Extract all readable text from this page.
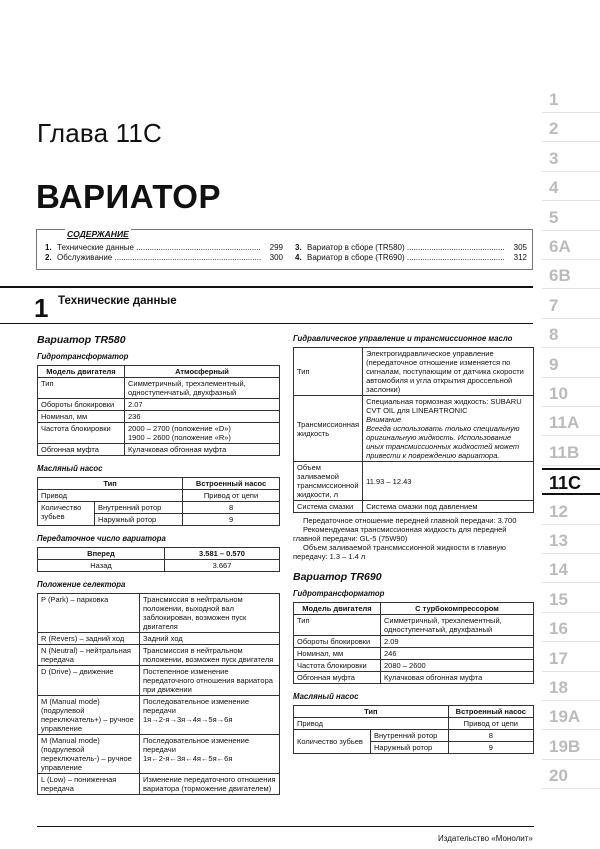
Глава 11С
ВАРИАТОР
СОДЕРЖАНИЕ
1. Технические данные .....	299
2. Обслуживание .....	300
3. Вариатор в сборе (TR580) .....	305
4. Вариатор в сборе (TR690) .....	312
1 Технические данные
Вариатор TR580
Гидротрансформатор
Модель двигателя	Атмосферный
Тип	Симметричный, трехэлементный, одноступенчатый, двухфазный
Обороты блокировки	2.07
Номинал, мм	236
Частота блокировки	2000 – 2700 (положение «D»)
1900 – 2600 (положение «R»)
Обгонная муфта	Кулачковая обгонная муфта
Масляный насос
Тип		Встроенный насос
Привод		Привод от цепи
Количество зубьев	Внутренний ротор	8
	Наружный ротор	9
Передаточное число вариатора
Вперед	3.581 – 0.570
Назад	3.667
Положение селектора
P (Park) – парковка	Трансмиссия в нейтральном положении, выходной вал заблокирован, возможен пуск двигателя
R (Revers) – задний ход	Задний ход
N (Neutral) – нейтральная передача	Трансмиссия в нейтральном положении, возможен пуск двигателя
D (Drive) – движение	Постепенное изменение передаточного отношения вариатора при движении
M (Manual mode) (подрулевой переключатель+) – ручное управление	Последовательное изменение передачи
1я→2-я→3я→4я→5я→6я
M (Manual mode) (подрулевой переключатель-) – ручное управление	Последовательное изменение передачи
1я←2-я←3я←4я←5я←6я
L (Low) – пониженная передача	Изменение передаточного отношения вариатора (торможение двигателем)
Гидравлическое управление и трансмиссионное масло
Тип	Электрогидравлическое управление (передаточное отношение изменяется по сигналам, поступающим от датчика скорости автомобиля и угла открытия дроссельной заслонки)
Трансмиссионная жидкость	Специальная тормозная жидкость: SUBARU CVT OIL для LINEARTRONIC
Внимание
Всегда использовать только специальную оригинальную жидкость. Использование иных трансмиссионных жидкостей может привести к повреждению вариатора.
Объем заливаемой трансмиссионной жидкости, л	11.93 – 12.43
Система смазки	Система смазки под давлением
Передаточное отношение передней главной передачи: 3.700
Рекомендуемая трансмиссионная жидкость для передней главной передачи: GL-5 (75W90)
Объем заливаемой трансмиссионной жидкости в главную передачу: 1.3 – 1.4 л
Вариатор TR690
Гидротрансформатор
Модель двигателя	С турбокомпрессором
Тип	Симметричный, трехэлементный, одноступенчатый, двухфазный
Обороты блокировки	2.09
Номинал, мм	246
Частота блокировки	2080 – 2600
Обгонная муфта	Кулачковая обгонная муфта
Масляный насос
Тип		Встроенный насос
Привод		Привод от цепи
Количество зубьев	Внутренний ротор	8
	Наружный ротор	9
Издательство «Монолит»
1
2
3
4
5
6A
6B
7
8
9
10
11A
11B
11C
12
13
14
15
16
17
18
19A
19B
20
